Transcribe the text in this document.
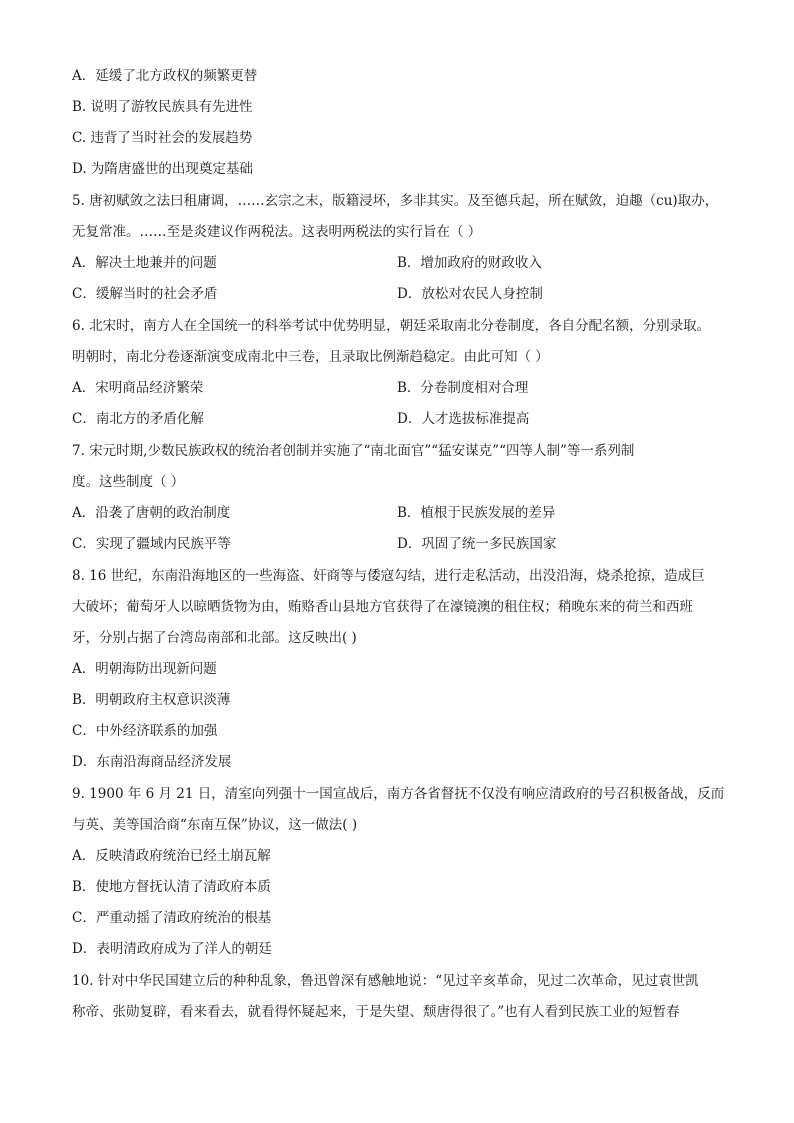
A．延缓了北方政权的频繁更替
B. 说明了游牧民族具有先进性
C. 违背了当时社会的发展趋势
D. 为隋唐盛世的出现奠定基础
5. 唐初赋敛之法曰租庸调，……玄宗之末，版籍浸坏，多非其实。及至德兵起，所在赋敛，迫趣（cu)取办，
无复常准。……至是炎建议作两税法。这表明两税法的实行旨在（ ）
A．解决土地兼并的问题	B．增加政府的财政收入
C．缓解当时的社会矛盾	D．放松对农民人身控制
6. 北宋时，南方人在全国统一的科举考试中优势明显，朝廷采取南北分卷制度，各自分配名额，分别录取。
明朝时，南北分卷逐渐演变成南北中三卷，且录取比例渐趋稳定。由此可知（ ）
A．宋明商品经济繁荣	B．分卷制度相对合理
C．南北方的矛盾化解	D．人才选拔标准提高
7. 宋元时期,少数民族政权的统治者创制并实施了“南北面官”“猛安谋克”“四等人制”等一系列制
度。这些制度（ ）
A．沿袭了唐朝的政治制度	B．植根于民族发展的差异
C．实现了疆域内民族平等	D．巩固了统一多民族国家
8. 16 世纪，东南沿海地区的一些海盗、奸商等与倭寇勾结，进行走私活动，出没沿海，烧杀抢掠，造成巨
大破坏；葡萄牙人以晾晒货物为由，贿赂香山县地方官获得了在濠镜澳的租住权；稍晚东来的荷兰和西班
牙，分别占据了台湾岛南部和北部。这反映出( )
A．明朝海防出现新问题
B．明朝政府主权意识淡薄
C．中外经济联系的加强
D．东南沿海商品经济发展
9. 1900 年 6 月 21 日，清室向列强十一国宣战后，南方各省督抚不仅没有响应清政府的号召积极备战，反而
与英、美等国洽商“东南互保”协议，这一做法( )
A．反映清政府统治已经土崩瓦解
B．使地方督抚认清了清政府本质
C．严重动摇了清政府统治的根基
D．表明清政府成为了洋人的朝廷
10. 针对中华民国建立后的种种乱象，鲁迅曾深有感触地说：“见过辛亥革命，见过二次革命，见过袁世凯
称帝、张勋复辟，看来看去，就看得怀疑起来，于是失望、颓唐得很了。”也有人看到民族工业的短暂春
